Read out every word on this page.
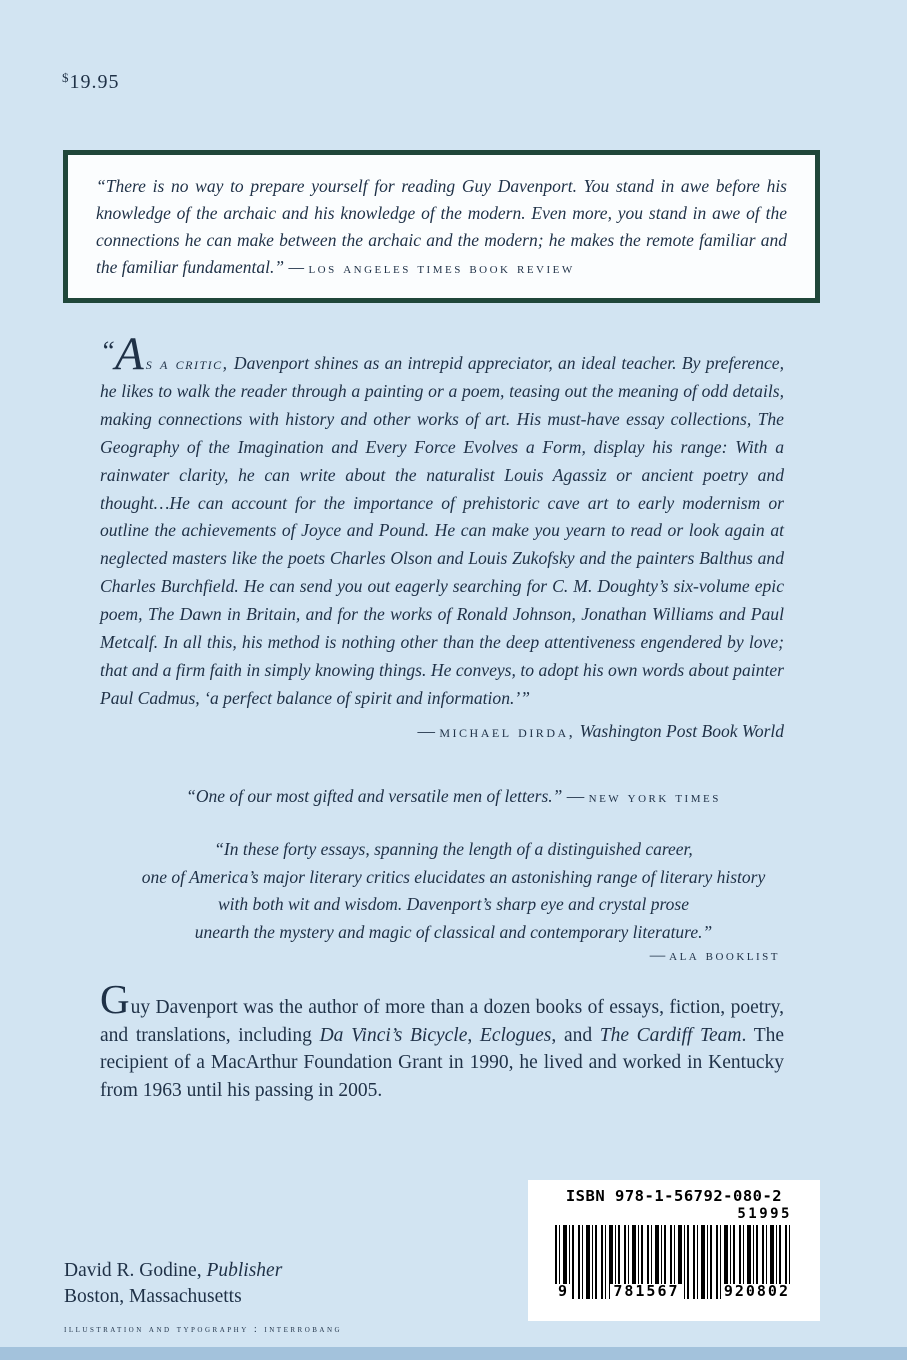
$19.95

“There is no way to prepare yourself for reading Guy Davenport. You stand in awe before his knowledge of the archaic and his knowledge of the modern. Even more, you stand in awe of the connections he can make between the archaic and the modern; he makes the remote familiar and the familiar fundamental.” — los angeles times book review

“A s a critic, Davenport shines as an intrepid appreciator, an ideal teacher. By preference, he likes to walk the reader through a painting or a poem, teasing out the meaning of odd details, making connections with history and other works of art. His must-have essay collections, The Geography of the Imagination and Every Force Evolves a Form, display his range: With a rainwater clarity, he can write about the naturalist Louis Agassiz or ancient poetry and thought…He can account for the importance of prehistoric cave art to early modernism or outline the achievements of Joyce and Pound. He can make you yearn to read or look again at neglected masters like the poets Charles Olson and Louis Zukofsky and the painters Balthus and Charles Burchfield. He can send you out eagerly searching for C. M. Doughty’s six-volume epic poem, The Dawn in Britain, and for the works of Ronald Johnson, Jonathan Williams and Paul Metcalf. In all this, his method is nothing other than the deep attentiveness engendered by love; that and a firm faith in simply knowing things. He conveys, to adopt his own words about painter Paul Cadmus, ‘a perfect balance of spirit and information.’”

— michael dirda, Washington Post Book World

“One of our most gifted and versatile men of letters.” — new york times
“In these forty essays, spanning the length of a distinguished career,
one of America’s major literary critics elucidates an astonishing range of literary history
with both wit and wisdom. Davenport’s sharp eye and crystal prose
unearth the mystery and magic of classical and contemporary literature.”
— ala booklist

Guy Davenport was the author of more than a dozen books of essays, fiction, poetry, and translations, including Da Vinci’s Bicycle, Eclogues, and The Cardiff Team. The recipient of a MacArthur Foundation Grant in 1990, he lived and worked in Kentucky from 1963 until his passing in 2005.

ISBN 978-1-56792-080-2
51995
9	781567	920802
David R. Godine, Publisher
Boston, Massachusetts
illustration and typography : interrobang
